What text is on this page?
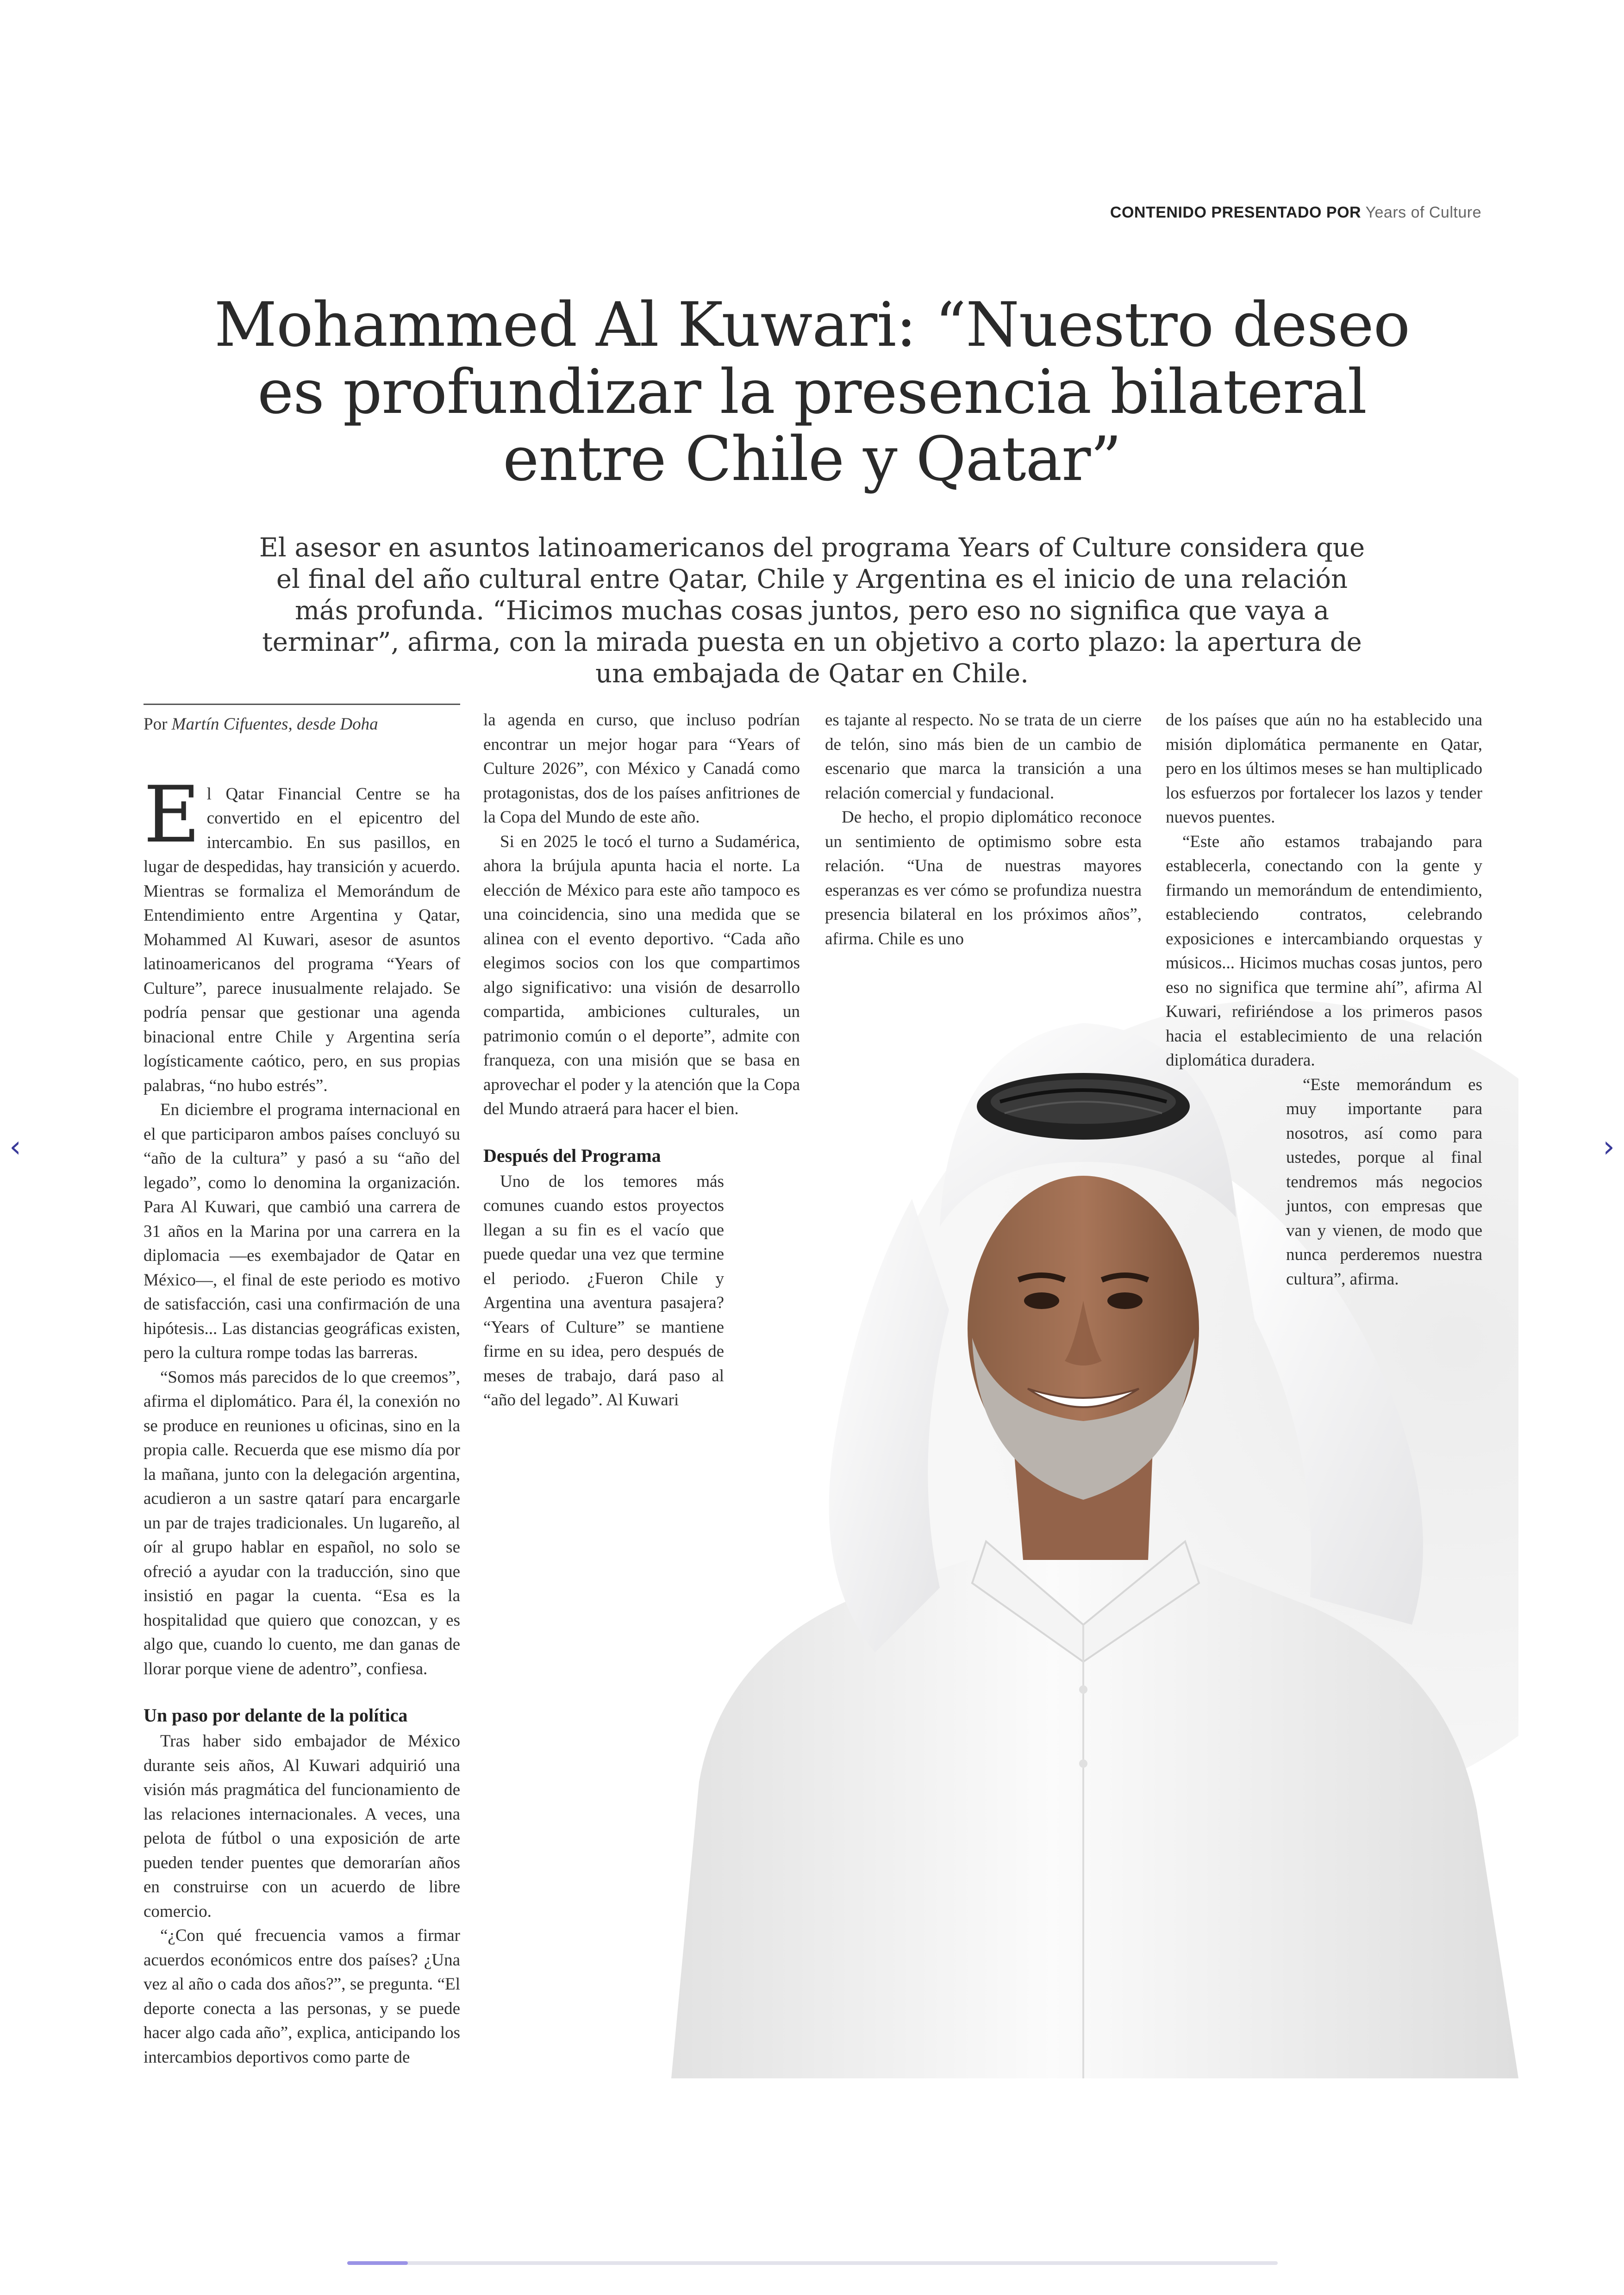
CONTENIDO PRESENTADO POR Years of Culture
Mohammed Al Kuwari: “Nuestro deseo
es profundizar la presencia bilateral
entre Chile y Qatar”
El asesor en asuntos latinoamericanos del programa Years of Culture considera que el final del año cultural entre Qatar, Chile y Argentina es el inicio de una relación más profunda. “Hicimos muchas cosas juntos, pero eso no significa que vaya a terminar”, afirma, con la mirada puesta en un objetivo a corto plazo: la apertura de una embajada de Qatar en Chile.
Por Martín Cifuentes, desde Doha

El Qatar Financial Centre se ha convertido en el epicentro del intercambio. En sus pasillos, en lugar de despedidas, hay transición y acuerdo. Mientras se formaliza el Memorándum de Entendimiento entre Argentina y Qatar, Mohammed Al Kuwari, asesor de asuntos latinoamericanos del programa “Years of Culture”, parece inusualmente relajado. Se podría pensar que gestionar una agenda binacional entre Chile y Argentina sería logísticamente caótico, pero, en sus propias palabras, “no hubo estrés”.

En diciembre el programa internacional en el que participaron ambos países concluyó su “año de la cultura” y pasó a su “año del legado”, como lo denomina la organización. Para Al Kuwari, que cambió una carrera de 31 años en la Marina por una carrera en la diplomacia —es exembajador de Qatar en México—, el final de este periodo es motivo de satisfacción, casi una confirmación de una hipótesis... Las distancias geográficas existen, pero la cultura rompe todas las barreras.

“Somos más parecidos de lo que creemos”, afirma el diplomático. Para él, la conexión no se produce en reuniones u oficinas, sino en la propia calle. Recuerda que ese mismo día por la mañana, junto con la delegación argentina, acudieron a un sastre qatarí para encargarle un par de trajes tradicionales. Un lugareño, al oír al grupo hablar en español, no solo se ofreció a ayudar con la traducción, sino que insistió en pagar la cuenta. “Esa es la hospitalidad que quiero que conozcan, y es algo que, cuando lo cuento, me dan ganas de llorar porque viene de adentro”, confiesa.

Un paso por delante de la política

Tras haber sido embajador de México durante seis años, Al Kuwari adquirió una visión más pragmática del funcionamiento de las relaciones internacionales. A veces, una pelota de fútbol o una exposición de arte pueden tender puentes que demorarían años en construirse con un acuerdo de libre comercio.

“¿Con qué frecuencia vamos a firmar acuerdos económicos entre dos países? ¿Una vez al año o cada dos años?”, se pregunta. “El deporte conecta a las personas, y se puede hacer algo cada año”, explica, anticipando los intercambios deportivos como parte de

la agenda en curso, que incluso podrían encontrar un mejor hogar para “Years of Culture 2026”, con México y Canadá como protagonistas, dos de los países anfitriones de la Copa del Mundo de este año.

Si en 2025 le tocó el turno a Sudamérica, ahora la brújula apunta hacia el norte. La elección de México para este año tampoco es una coincidencia, sino una medida que se alinea con el evento deportivo. “Cada año elegimos socios con los que compartimos algo significativo: una visión de desarrollo compartida, ambiciones culturales, un patrimonio común o el deporte”, admite con franqueza, con una misión que se basa en aprovechar el poder y la atención que la Copa del Mundo atraerá para hacer el bien.

Después del Programa

Uno de los temores más comunes cuando estos proyectos llegan a su fin es el vacío que puede quedar una vez que termine el periodo. ¿Fueron Chile y Argentina una aventura pasajera? “Years of Culture” se mantiene firme en su idea, pero después de meses de trabajo, dará paso al “año del legado”. Al Kuwari

es tajante al respecto. No se trata de un cierre de telón, sino más bien de un cambio de escenario que marca la transición a una relación comercial y fundacional.

De hecho, el propio diplomático reconoce un sentimiento de optimismo sobre esta relación. “Una de nuestras mayores esperanzas es ver cómo se profundiza nuestra presencia bilateral en los próximos años”, afirma. Chile es uno

de los países que aún no ha establecido una misión diplomática permanente en Qatar, pero en los últimos meses se han multiplicado los esfuerzos por fortalecer los lazos y tender nuevos puentes.

“Este año estamos trabajando para establecerla, conectando con la gente y firmando un memorándum de entendimiento, estableciendo contratos, celebrando exposiciones e intercambiando orquestas y músicos... Hicimos muchas cosas juntos, pero eso no significa que termine ahí”, afirma Al Kuwari, refiriéndose a los primeros pasos hacia el establecimiento de una relación diplomática duradera.

“Este memorándum es muy importante para nosotros, así como para ustedes, porque al final tendremos más negocios juntos, con empresas que van y vienen, de modo que nunca perderemos nuestra cultura”, afirma.

‹	›
